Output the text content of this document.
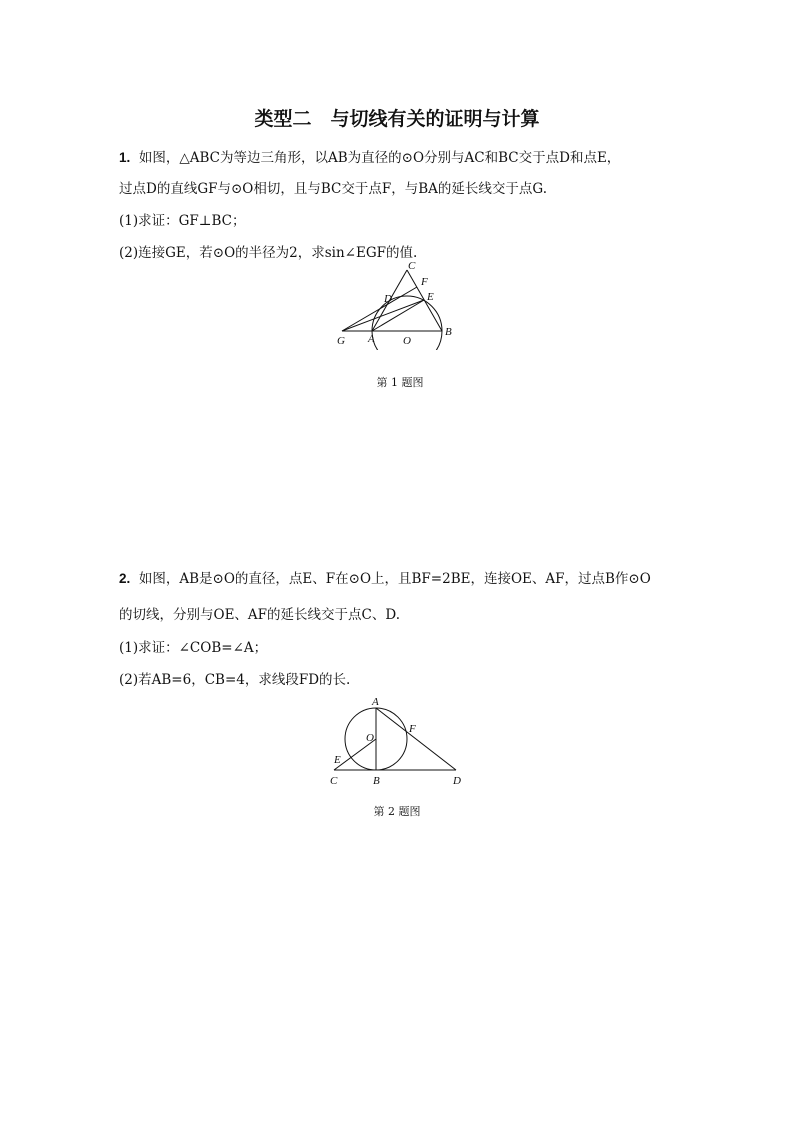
类型二　与切线有关的证明与计算
1. 如图，△ABC为等边三角形，以AB为直径的⊙O分别与AC和BC交于点D和点E，
过点D的直线GF与⊙O相切，且与BC交于点F，与BA的延长线交于点G.
(1)求证：GF⊥BC；
(2)连接GE，若⊙O的半径为2，求sin∠EGF的值.
C
F
D	E
G A	O
B
第 1 题图
2. 如图，AB是⊙O的直径，点E、F在⊙O上，且BF=2BE，连接OE、AF，过点B作⊙O
的切线，分别与OE、AF的延长线交于点C、D.
(1)求证：∠COB=∠A；
(2)若AB=6，CB=4，求线段FD的长.
A
F
O
E
C	B	D
第 2 题图
